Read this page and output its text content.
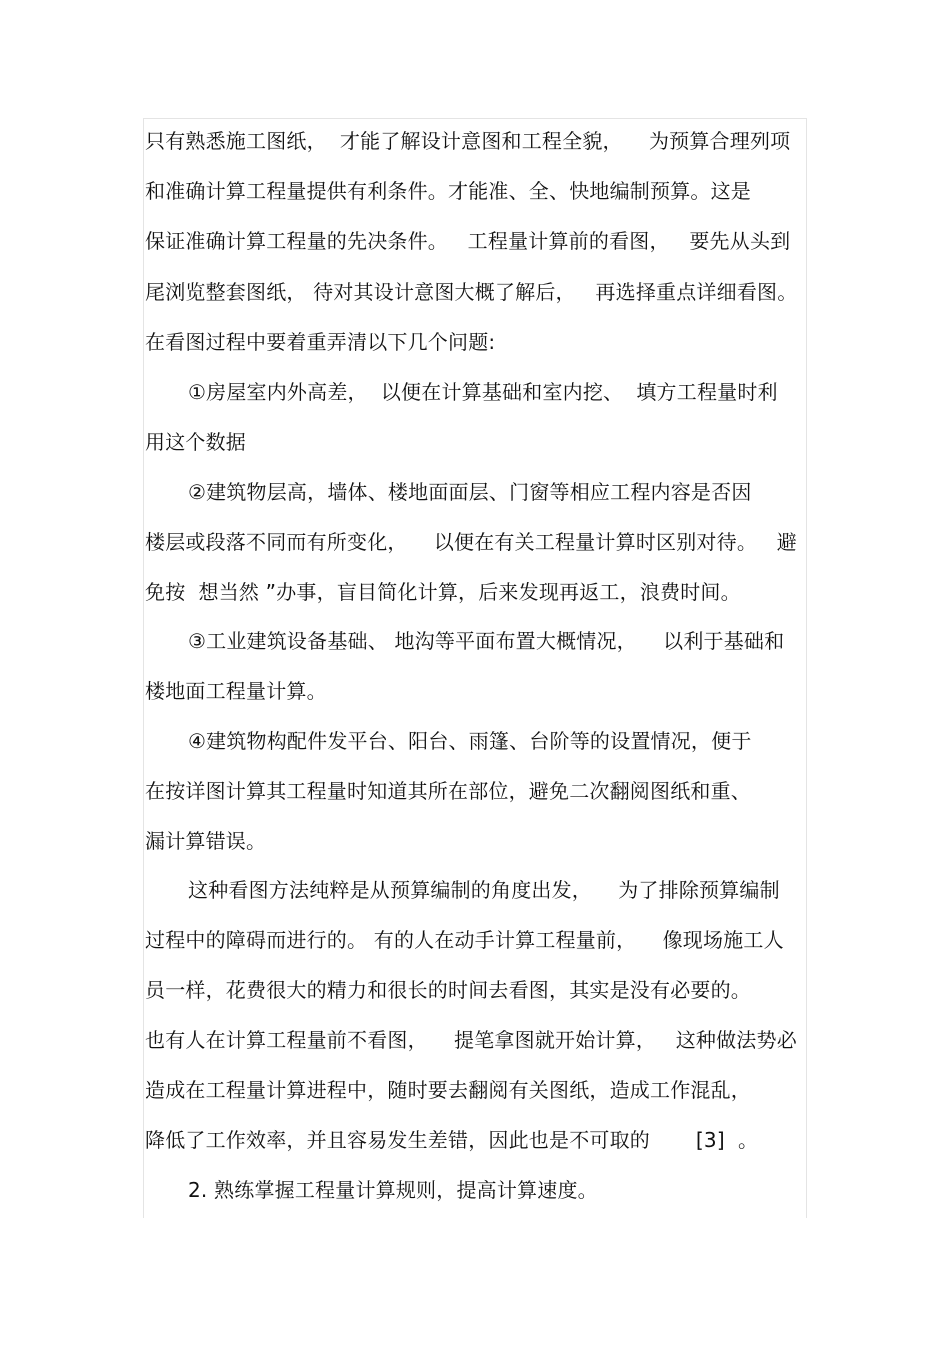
只有熟悉施工图纸，  才能了解设计意图和工程全貌，    为预算合理列项
和准确计算工程量提供有利条件。才能准、全、快地编制预算。这是
保证准确计算工程量的先决条件。   工程量计算前的看图，   要先从头到
尾浏览整套图纸， 待对其设计意图大概了解后，   再选择重点详细看图。
在看图过程中要着重弄清以下几个问题:
①房屋室内外高差，  以便在计算基础和室内挖、  填方工程量时利
用这个数据
②建筑物层高，墙体、楼地面面层、门窗等相应工程内容是否因
楼层或段落不同而有所变化，    以便在有关工程量计算时区别对待。   避
免按  想当然 ”办事，盲目简化计算，后来发现再返工，浪费时间。
③工业建筑设备基础、 地沟等平面布置大概情况，    以利于基础和
楼地面工程量计算。
④建筑物构配件发平台、阳台、雨篷、台阶等的设置情况，便于
在按详图计算其工程量时知道其所在部位，避免二次翻阅图纸和重、
漏计算错误。
这种看图方法纯粹是从预算编制的角度出发，    为了排除预算编制
过程中的障碍而进行的。 有的人在动手计算工程量前，    像现场施工人
员一样，花费很大的精力和很长的时间去看图，其实是没有必要的。
也有人在计算工程量前不看图，    提笔拿图就开始计算，   这种做法势必
造成在工程量计算进程中，随时要去翻阅有关图纸，造成工作混乱，
降低了工作效率，并且容易发生差错，因此也是不可取的       [3]  。
2. 熟练掌握工程量计算规则，提高计算速度。
